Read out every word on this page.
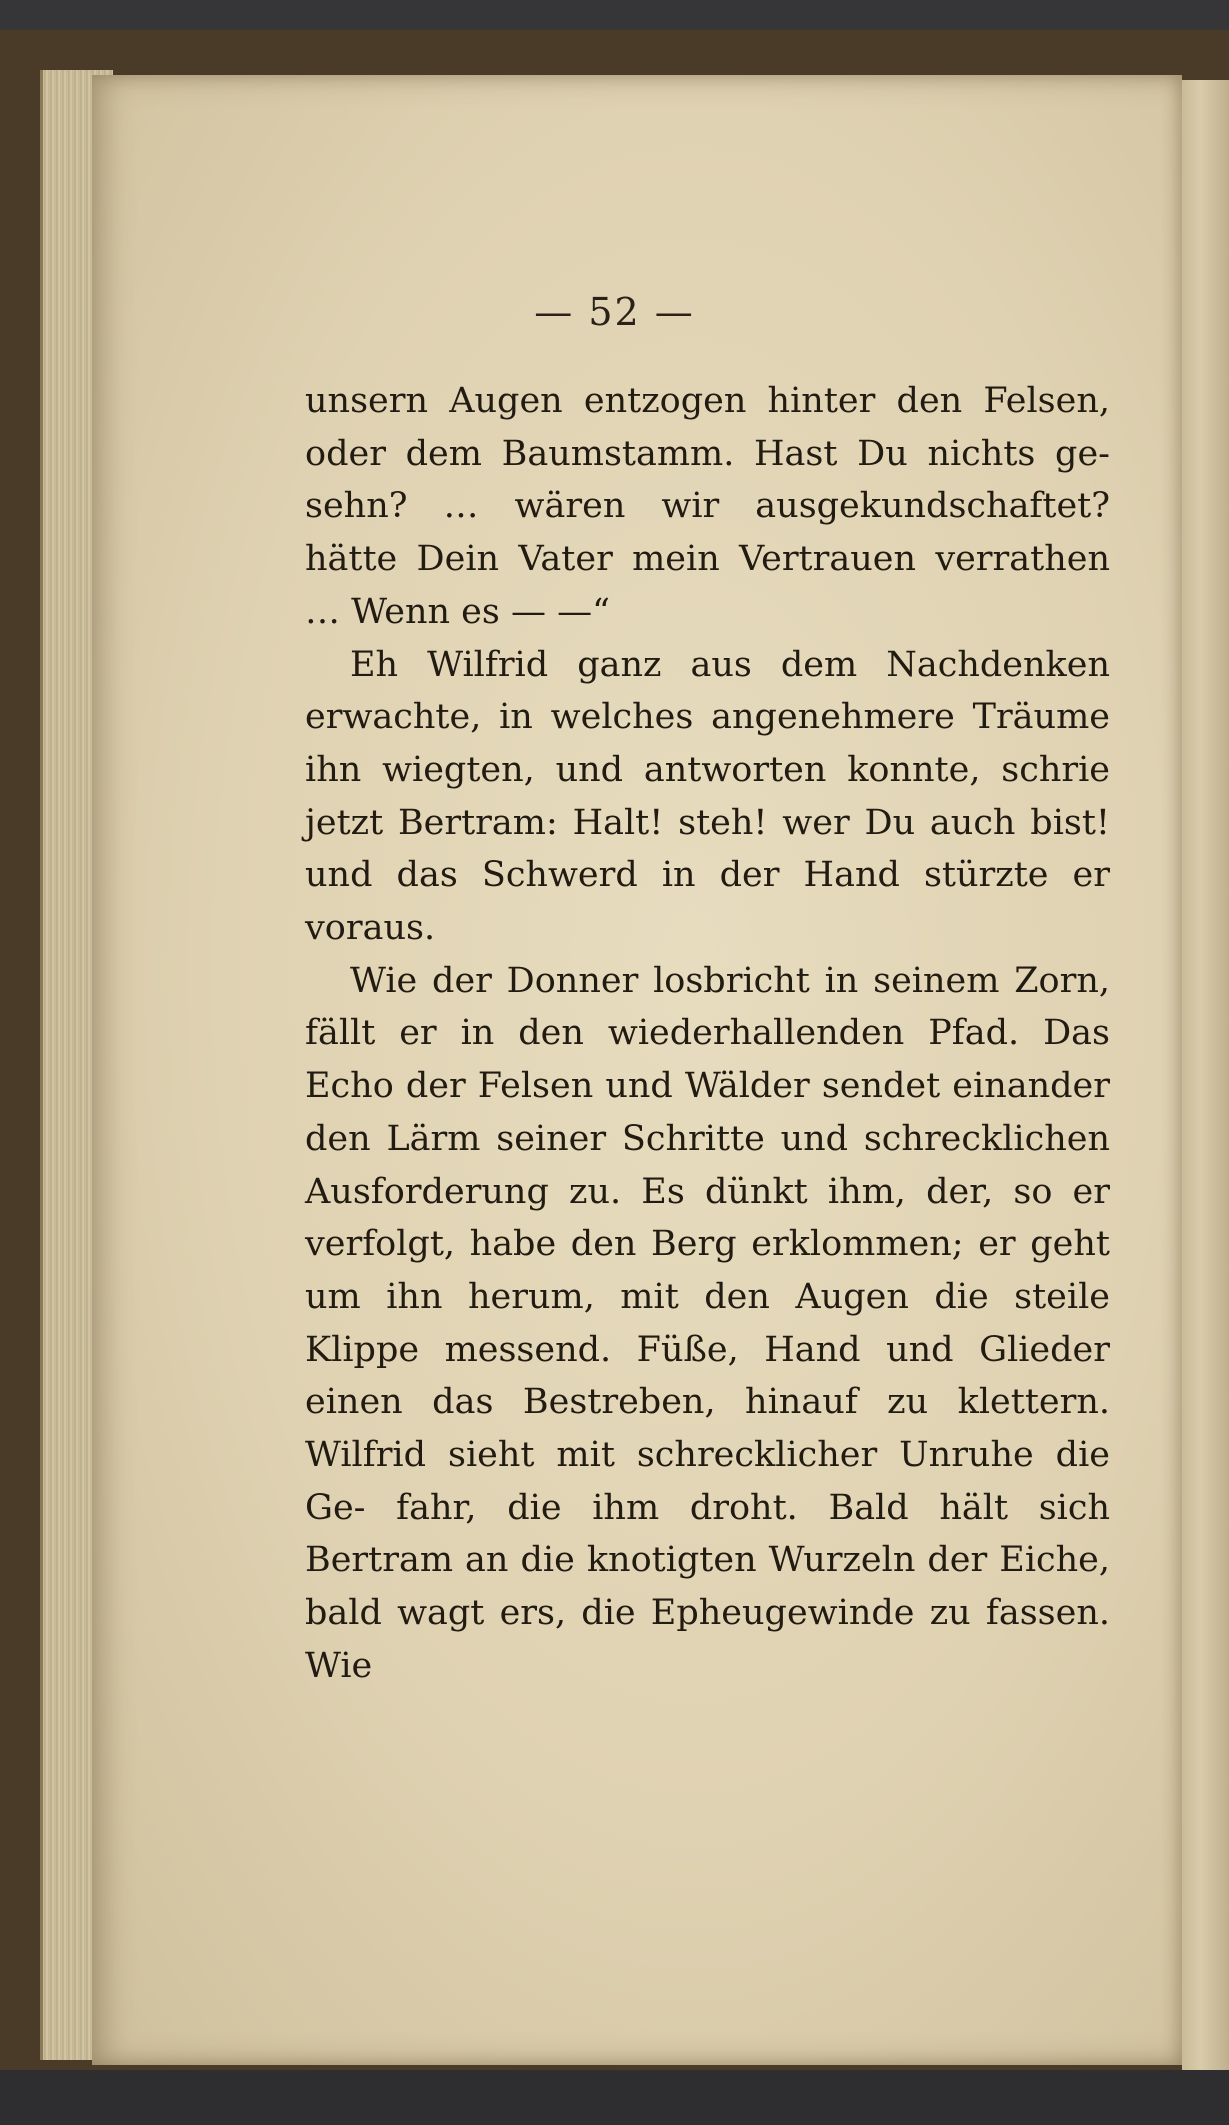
— 52 —

unsern Augen entzogen hinter den Felsen, oder dem Baumstamm. Hast Du nichts ge- sehn? … wären wir ausgekundschaftet? hätte Dein Vater mein Vertrauen verrathen … Wenn es — —“

Eh Wilfrid ganz aus dem Nachdenken erwachte, in welches angenehmere Träume ihn wiegten, und antworten konnte, schrie jetzt Bertram: Halt! steh! wer Du auch bist! und das Schwerd in der Hand stürzte er voraus.

Wie der Donner losbricht in seinem Zorn, fällt er in den wiederhallenden Pfad. Das Echo der Felsen und Wälder sendet einander den Lärm seiner Schritte und schrecklichen Ausforderung zu. Es dünkt ihm, der, so er verfolgt, habe den Berg erklommen; er geht um ihn herum, mit den Augen die steile Klippe messend. Füße, Hand und Glieder einen das Bestreben, hinauf zu klettern. Wilfrid sieht mit schrecklicher Unruhe die Ge- fahr, die ihm droht. Bald hält sich Bertram an die knotigten Wurzeln der Eiche, bald wagt ers, die Epheugewinde zu fassen. Wie
